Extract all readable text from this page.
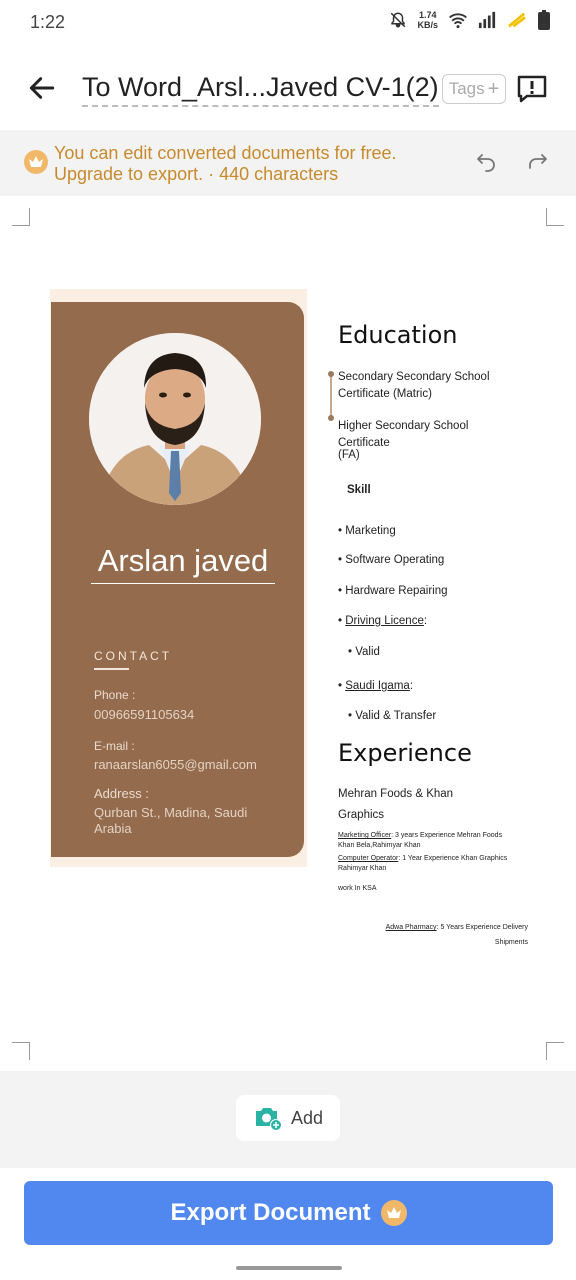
1:22	1.74
KB/s
To Word_Arsl...Javed CV-1(2) Tags +
You can edit converted documents for free.
Upgrade to export. · 440 characters
Arslan javed
CONTACT
Phone :
00966591105634
E-mail :
ranaarslan6055@gmail.com
Address :
Qurban St., Madina, Saudi Arabia
Education
Secondary Secondary School Certificate (Matric)
Higher Secondary School Certificate
(FA)
Skill
• Marketing
• Software Operating
• Hardware Repairing
• Driving Licence:
• Valid
• Saudi Igama:
• Valid & Transfer
Experience
Mehran Foods & Khan Graphics
Marketing Officer: 3 years Experience Mehran Foods Khan Bela,Rahimyar Khan
Computer Operator: 1 Year Experience Khan Graphics Rahimyar Khan
work In KSA
Adwa Pharmacy: 5 Years Experience Delivery Shipments
Add
Export Document
